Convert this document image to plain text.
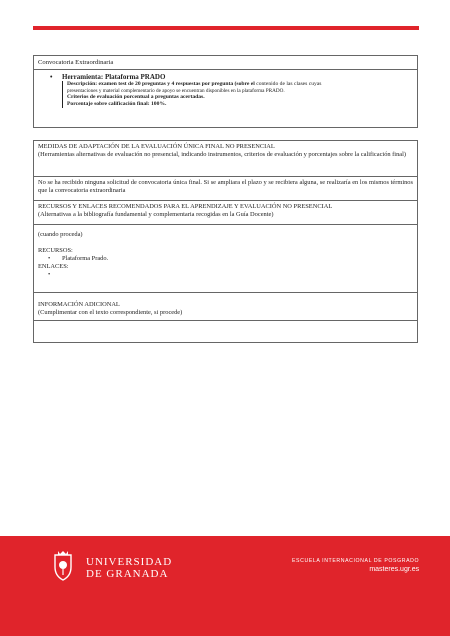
Convocatoria Extraordinaria
• Herramienta: Plataforma PRADO
Descripción: examen test de 20 preguntas y 4 respuestas por pregunta (sobre el contenido de las clases cuyas
presentaciones y material complementario de apoyo se encuentran disponibles en la plataforma PRADO.
Criterios de evaluación porcentual a preguntas acertadas.
Porcentaje sobre calificación final: 100%.
MEDIDAS DE ADAPTACIÓN DE LA EVALUACIÓN ÚNICA FINAL NO PRESENCIAL
(Herramientas alternativas de evaluación no presencial, indicando instrumentos, criterios de evaluación y porcentajes sobre la calificación final)
No se ha recibido ninguna solicitud de convocatoria única final. Si se ampliara el plazo y se recibiera alguna, se realizaría en los mismos términos que la convocatoria extraordinaria
RECURSOS Y ENLACES RECOMENDADOS PARA EL APRENDIZAJE Y EVALUACIÓN NO PRESENCIAL
(Alternativas a la bibliografía fundamental y complementaria recogidas en la Guía Docente)
(cuando proceda)
RECURSOS:
• Plataforma Prado.
ENLACES:
•
INFORMACIÓN ADICIONAL
(Cumplimentar con el texto correspondiente, si procede)
UNIVERSIDAD
DE GRANADA
ESCUELA INTERNACIONAL DE POSGRADO
masteres.ugr.es
